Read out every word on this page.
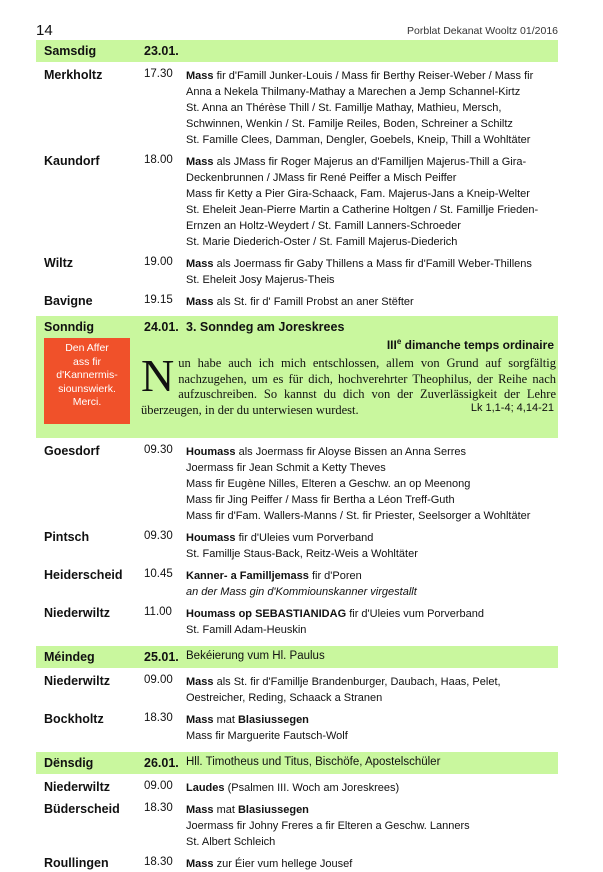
14	Porblat Dekanat Wooltz 01/2016
Samsdig	23.01.
Merkholtz	17.30 Mass fir d'Famill Junker-Louis / Mass fir Berthy Reiser-Weber / Mass fir
Anna a Nekela Thilmany-Mathay a Marechen a Jemp Schannel-Kirtz
St. Anna an Thérèse Thill / St. Famillje Mathay, Mathieu, Mersch,
Schwinnen, Wenkin / St. Familje Reiles, Boden, Schreiner a Schiltz
St. Famille Clees, Damman, Dengler, Goebels, Kneip, Thill a Wohltäter
Kaundorf	18.00 Mass als JMass fir Roger Majerus an d'Familljen Majerus-Thill a Gira-
Deckenbrunnen / JMass fir René Peiffer a Misch Peiffer
Mass fir Ketty a Pier Gira-Schaack, Fam. Majerus-Jans a Kneip-Welter
St. Eheleit Jean-Pierre Martin a Catherine Holtgen / St. Famillje Frieden-
Ernzen an Holtz-Weydert / St. Famill Lanners-Schroeder
St. Marie Diederich-Oster / St. Famill Majerus-Diederich
Wiltz	19.00 Mass als Joermass fir Gaby Thillens a Mass fir d'Famill Weber-Thillens
St. Eheleit Josy Majerus-Theis
Bavigne	19.15 Mass als St. fir d' Famill Probst an aner Stëfter
Sonndig	24.01. 3. Sonndeg am Joreskrees
IIIe dimanche temps ordinaire
Den Affer
ass fir
d'Kannermis-
siounswierk.
Merci.
Nun habe auch ich mich entschlossen, allem von Grund auf sorgfältig nachzugehen, um es für dich, hochverehrter Theophilus, der Reihe nach aufzuschreiben. So kannst du dich von der Zuverlässigkeit der Lehre überzeugen, in der du unterwiesen wurdest.	Lk 1,1-4; 4,14-21
Goesdorf	09.30 Houmass als Joermass fir Aloyse Bissen an Anna Serres
Joermass fir Jean Schmit a Ketty Theves
Mass fir Eugène Nilles, Elteren a Geschw. an op Meenong
Mass fir Jing Peiffer / Mass fir Bertha a Léon Treff-Guth
Mass fir d'Fam. Wallers-Manns / St. fir Priester, Seelsorger a Wohltäter
Pintsch	09.30 Houmass fir d'Uleies vum Porverband
St. Famillje Staus-Back, Reitz-Weis a Wohltäter
Heiderscheid 10.45 Kanner- a Familljemass fir d'Poren
an der Mass gin d'Kommiounskanner virgestallt
Niederwiltz	11.00 Houmass op SEBASTIANIDAG fir d'Uleies vum Porverband
St. Famill Adam-Heuskin
Méindeg	25.01. Bekéierung vum Hl. Paulus
Niederwiltz	09.00 Mass als St. fir d'Famillje Brandenburger, Daubach, Haas, Pelet,
Oestreicher, Reding, Schaack a Stranen
Bockholtz	18.30 Mass mat Blasiussegen
Mass fir Marguerite Fautsch-Wolf
Dënsdig	26.01. Hll. Timotheus und Titus, Bischöfe, Apostelschüler
Niederwiltz	09.00 Laudes (Psalmen III. Woch am Joreskrees)
Büderscheid 18.30 Mass mat Blasiussegen
Joermass fir Johny Freres a fir Elteren a Geschw. Lanners
St. Albert Schleich
Roullingen	18.30 Mass zur Éier vum hellege Jousef
